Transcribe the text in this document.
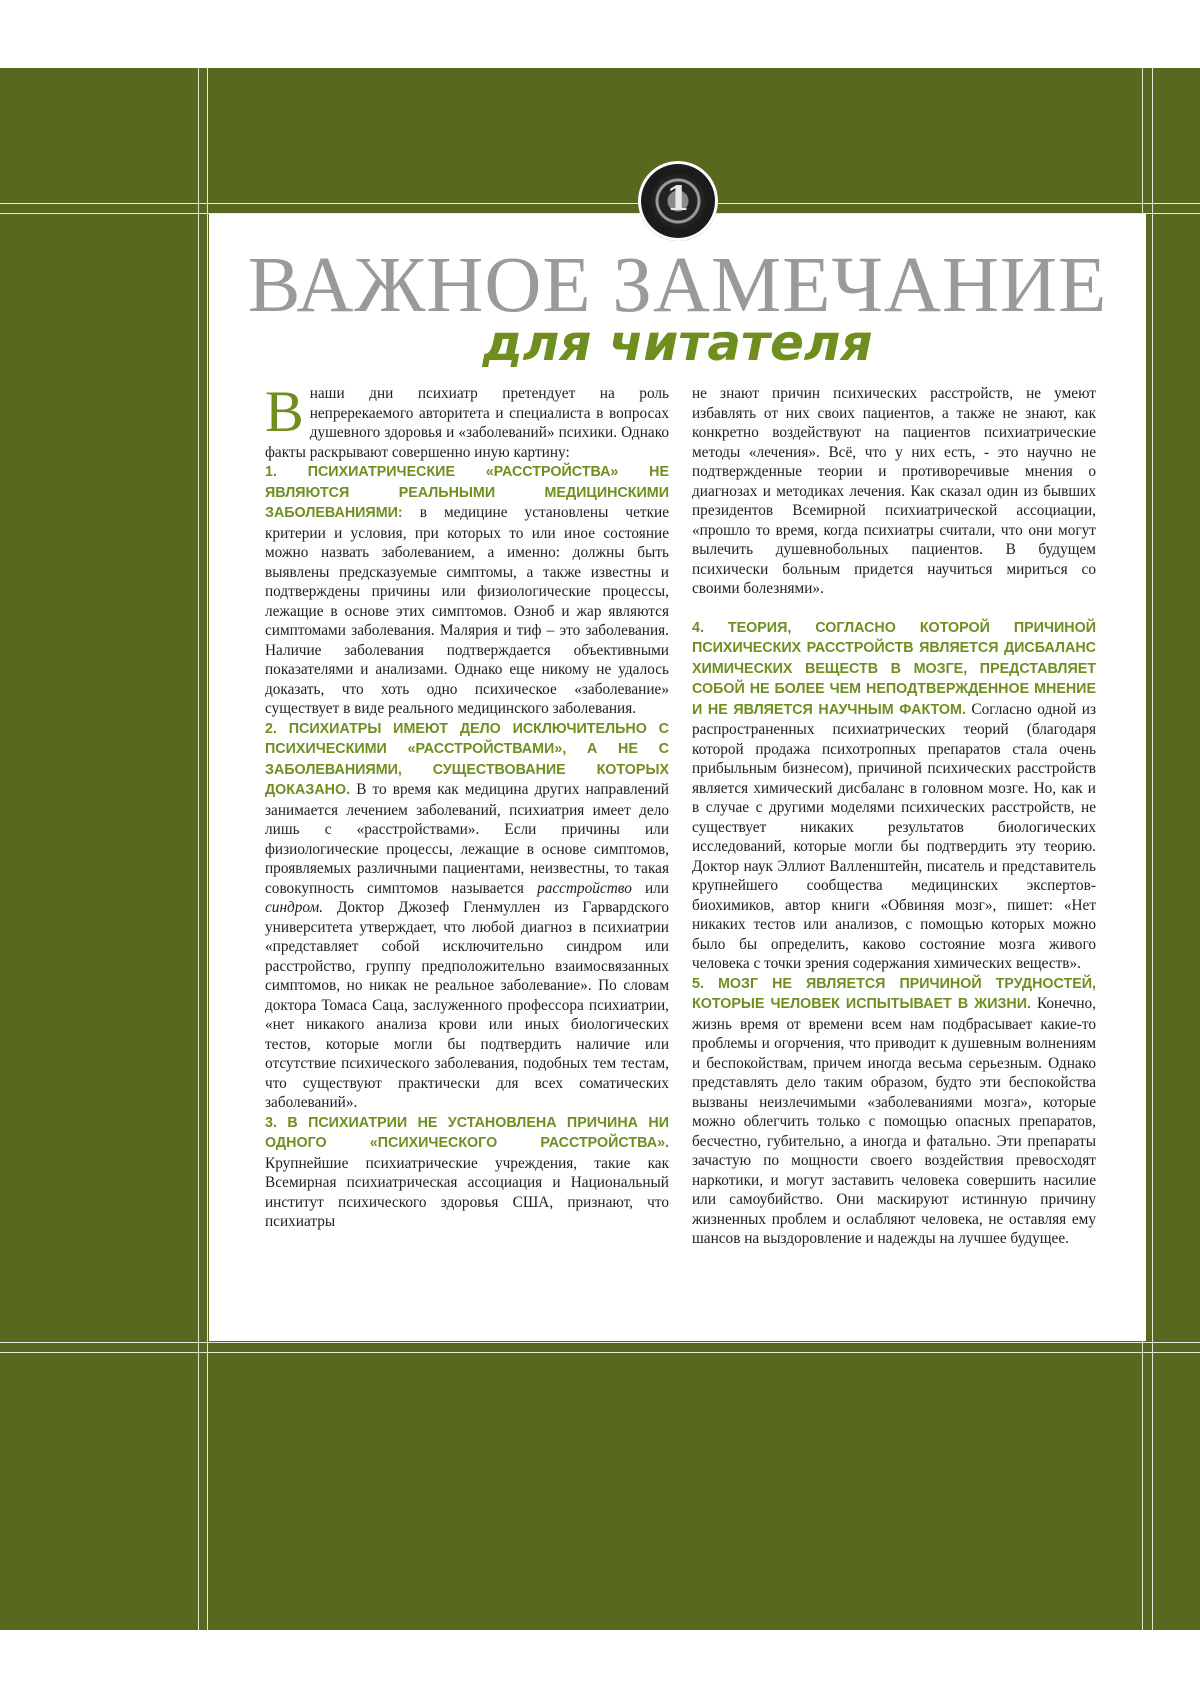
1
ВАЖНОЕ ЗАМЕЧАНИЕ
для читателя

В наши дни психиатр претендует на роль непререкаемого авторитета и специалиста в вопросах душевного здоровья и «заболеваний» психики. Однако факты раскрывают совершенно иную картину:

1. ПСИХИАТРИЧЕСКИЕ «РАССТРОЙСТВА» НЕ ЯВЛЯЮТСЯ РЕАЛЬНЫМИ МЕДИЦИНСКИМИ ЗАБОЛЕВАНИЯМИ: в медицине установлены четкие критерии и условия, при которых то или иное состояние можно назвать заболеванием, а именно: должны быть выявлены предсказуемые симптомы, а также известны и подтверждены причины или физиологические процессы, лежащие в основе этих симптомов. Озноб и жар являются симптомами заболевания. Малярия и тиф – это заболевания. Наличие заболевания подтверждается объективными показателями и анализами. Однако еще никому не удалось доказать, что хоть одно психическое «заболевание» существует в виде реального медицинского заболевания.

2. ПСИХИАТРЫ ИМЕЮТ ДЕЛО ИСКЛЮЧИТЕЛЬНО С ПСИХИЧЕСКИМИ «РАССТРОЙСТВАМИ», А НЕ С ЗАБОЛЕВАНИЯМИ, СУЩЕСТВОВАНИЕ КОТОРЫХ ДОКАЗАНО. В то время как медицина других направлений занимается лечением заболеваний, психиатрия имеет дело лишь с «расстройствами». Если причины или физиологические процессы, лежащие в основе симптомов, проявляемых различными пациентами, неизвестны, то такая совокупность симптомов называется расстройство или синдром. Доктор Джозеф Гленмуллен из Гарвардского университета утверждает, что любой диагноз в психиатрии «представляет собой исключительно синдром или расстройство, группу предположительно взаимосвязанных симптомов, но никак не реальное заболевание». По словам доктора Томаса Саца, заслуженного профессора психиатрии, «нет никакого анализа крови или иных биологических тестов, которые могли бы подтвердить наличие или отсутствие психического заболевания, подобных тем тестам, что существуют практически для всех соматических заболеваний».

3. В ПСИХИАТРИИ НЕ УСТАНОВЛЕНА ПРИЧИНА НИ ОДНОГО «ПСИХИЧЕСКОГО РАССТРОЙСТВА». Крупнейшие психиатрические учреждения, такие как Всемирная психиатрическая ассоциация и Национальный институт психического здоровья США, признают, что психиатры

не знают причин психических расстройств, не умеют избавлять от них своих пациентов, а также не знают, как конкретно воздействуют на пациентов психиатрические методы «лечения». Всё, что у них есть, - это научно не подтвержденные теории и противоречивые мнения о диагнозах и методиках лечения. Как сказал один из бывших президентов Всемирной психиатрической ассоциации, «прошло то время, когда психиатры считали, что они могут вылечить душевнобольных пациентов. В будущем психически больным придется научиться мириться со своими болезнями».

4. ТЕОРИЯ, СОГЛАСНО КОТОРОЙ ПРИЧИНОЙ ПСИХИЧЕСКИХ РАССТРОЙСТВ ЯВЛЯЕТСЯ ДИСБАЛАНС ХИМИЧЕСКИХ ВЕЩЕСТВ В МОЗГЕ, ПРЕДСТАВЛЯЕТ СОБОЙ НЕ БОЛЕЕ ЧЕМ НЕПОДТВЕРЖДЕННОЕ МНЕНИЕ И НЕ ЯВЛЯЕТСЯ НАУЧНЫМ ФАКТОМ. Согласно одной из распространенных психиатрических теорий (благодаря которой продажа психотропных препаратов стала очень прибыльным бизнесом), причиной психических расстройств является химический дисбаланс в головном мозге. Но, как и в случае с другими моделями психических расстройств, не существует никаких результатов биологических исследований, которые могли бы подтвердить эту теорию. Доктор наук Эллиот Валленштейн, писатель и представитель крупнейшего сообщества медицинских экспертов-биохимиков, автор книги «Обвиняя мозг», пишет: «Нет никаких тестов или анализов, с помощью которых можно было бы определить, каково состояние мозга живого человека с точки зрения содержания химических веществ».

5. МОЗГ НЕ ЯВЛЯЕТСЯ ПРИЧИНОЙ ТРУДНОСТЕЙ, КОТОРЫЕ ЧЕЛОВЕК ИСПЫТЫВАЕТ В ЖИЗНИ. Конечно, жизнь время от времени всем нам подбрасывает какие-то проблемы и огорчения, что приводит к душевным волнениям и беспокойствам, причем иногда весьма серьезным. Однако представлять дело таким образом, будто эти беспокойства вызваны неизлечимыми «заболеваниями мозга», которые можно облегчить только с помощью опасных препаратов, бесчестно, губительно, а иногда и фатально. Эти препараты зачастую по мощности своего воздействия превосходят наркотики, и могут заставить человека совершить насилие или самоубийство. Они маскируют истинную причину жизненных проблем и ослабляют человека, не оставляя ему шансов на выздоровление и надежды на лучшее будущее.
